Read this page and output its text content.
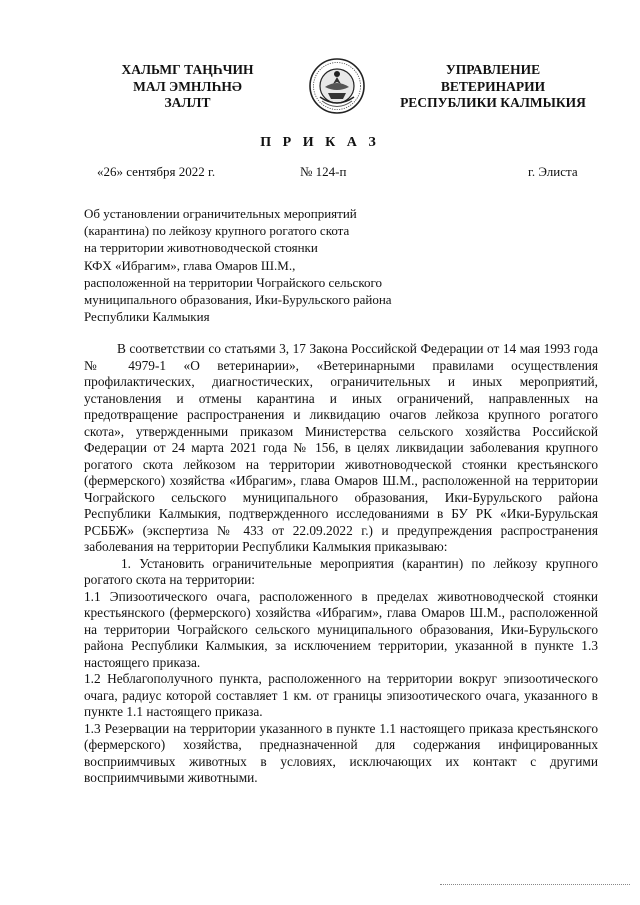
ХАЛЬМГ ТАҢҺЧИН
МАЛ ЭМНЛҺНӘ
ЗАЛЛТ
УПРАВЛЕНИЕ
ВЕТЕРИНАРИИ
РЕСПУБЛИКИ КАЛМЫКИЯ
П Р И К А З
«26» сентября 2022 г.	№ 124-п	г. Элиста
Об установлении ограничительных мероприятий
(карантина) по лейкозу крупного рогатого скота
на территории животноводческой стоянки
КФХ «Ибрагим», глава Омаров Ш.М.,
расположенной на территории Чограйского сельского
муниципального образования, Ики-Бурульского района
Республики Калмыкия

В соответствии со статьями 3, 17 Закона Российской Федерации от 14 мая 1993 года № 4979-1 «О ветеринарии», «Ветеринарными правилами осуществления профилактических, диагностических, ограничительных и иных мероприятий, установления и отмены карантина и иных ограничений, направленных на предотвращение распространения и ликвидацию очагов лейкоза крупного рогатого скота», утвержденными приказом Министерства сельского хозяйства Российской Федерации от 24 марта 2021 года № 156, в целях ликвидации заболевания крупного рогатого скота лейкозом на территории животноводческой стоянки крестьянского (фермерского) хозяйства «Ибрагим», глава Омаров Ш.М., расположенной на территории Чограйского сельского муниципального образования, Ики-Бурульского района Республики Калмыкия, подтвержденного исследованиями в БУ РК «Ики-Бурульская РСББЖ» (экспертиза № 433 от 22.09.2022 г.) и предупреждения распространения заболевания на территории Республики Калмыкия приказываю:

1. Установить ограничительные мероприятия (карантин) по лейкозу крупного рогатого скота на территории:

1.1 Эпизоотического очага, расположенного в пределах животноводческой стоянки крестьянского (фермерского) хозяйства «Ибрагим», глава Омаров Ш.М., расположенной на территории Чограйского сельского муниципального образования, Ики-Бурульского района Республики Калмыкия, за исключением территории, указанной в пункте 1.3 настоящего приказа.

1.2 Неблагополучного пункта, расположенного на территории вокруг эпизоотического очага, радиус которой составляет 1 км. от границы эпизоотического очага, указанного в пункте 1.1 настоящего приказа.

1.3 Резервации на территории указанного в пункте 1.1 настоящего приказа крестьянского (фермерского) хозяйства, предназначенной для содержания инфицированных восприимчивых животных в условиях, исключающих их контакт с другими восприимчивыми животными.
